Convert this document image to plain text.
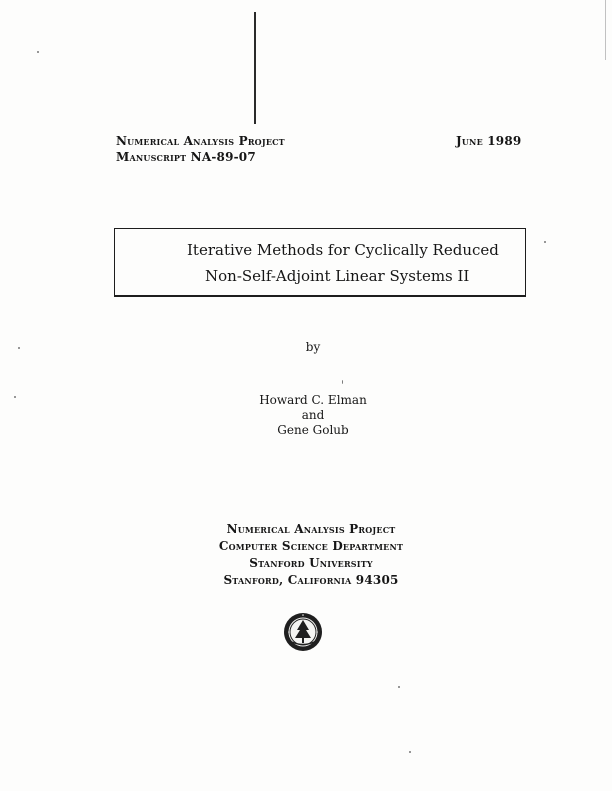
Numerical Analysis Project
Manuscript NA-89-07
June 1989
Iterative Methods for Cyclically Reduced
Non-Self-Adjoint Linear Systems II
by
Howard C. Elman
and
Gene Golub
Numerical Analysis Project
Computer Science Department
Stanford University
Stanford, California 94305
